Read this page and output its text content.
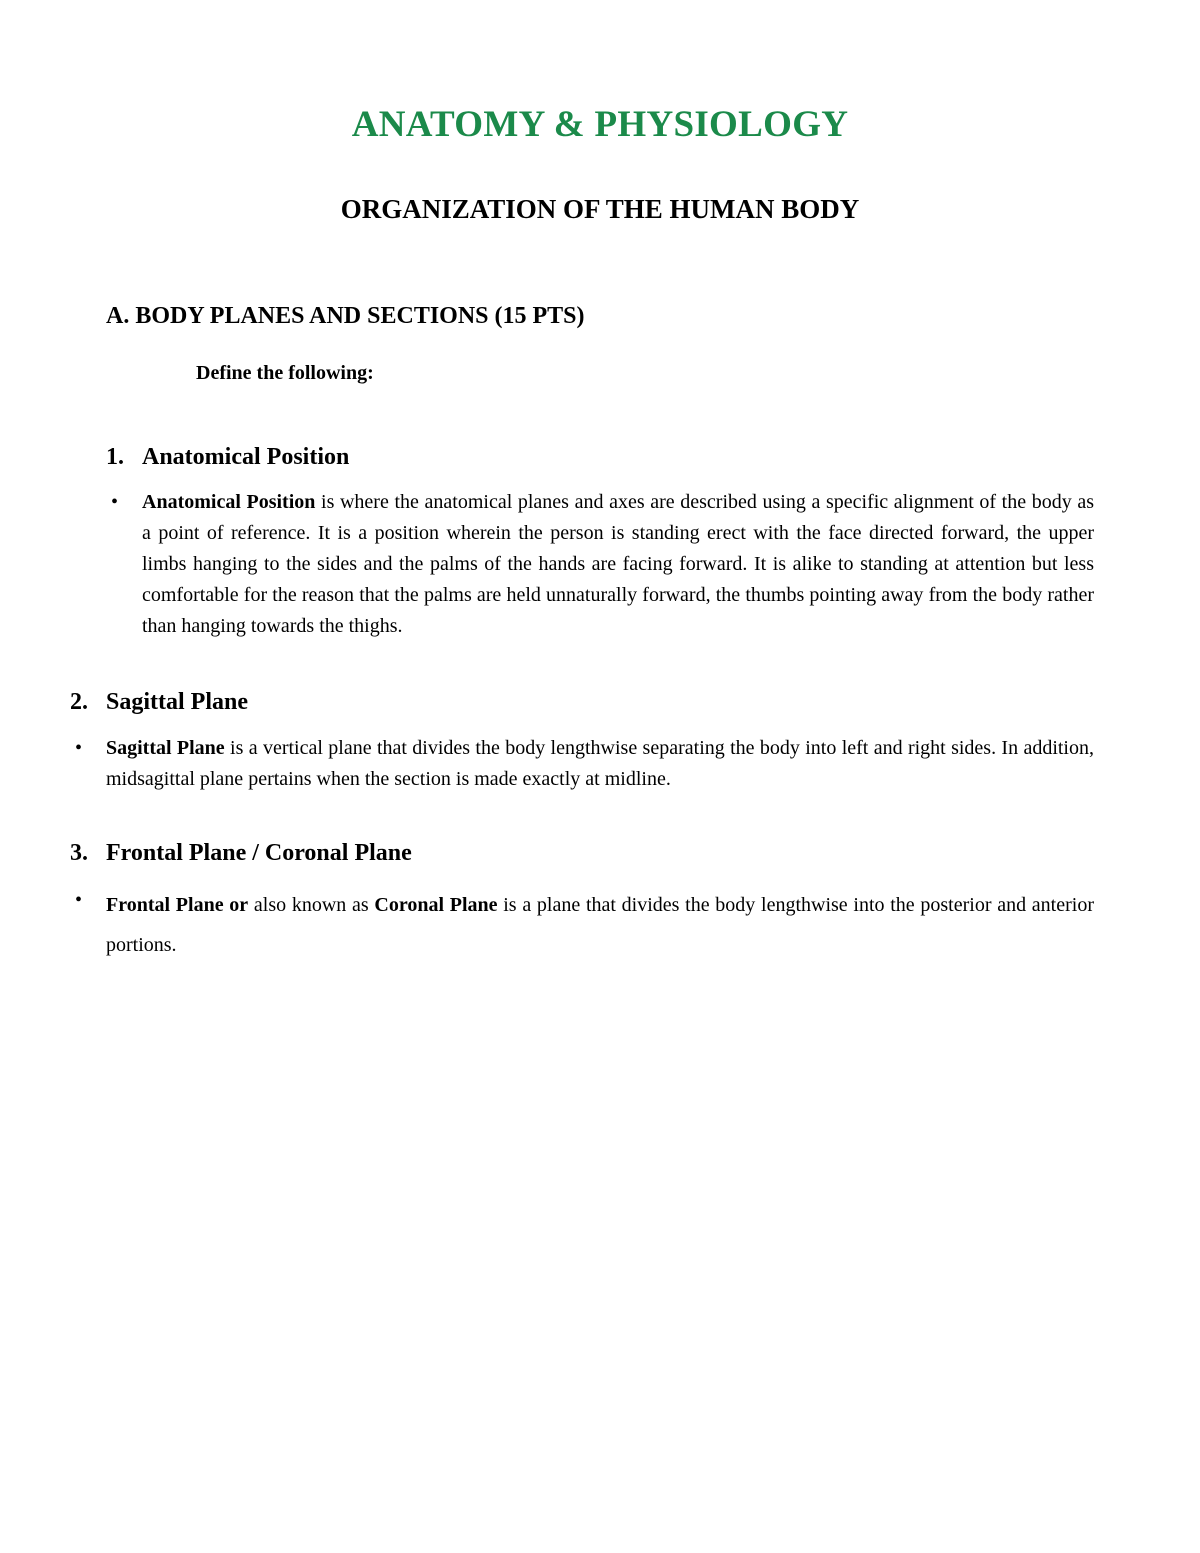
ANATOMY & PHYSIOLOGY
ORGANIZATION OF THE HUMAN BODY
A. BODY PLANES AND SECTIONS (15 PTS)

Define the following:

1. Anatomical Position
• Anatomical Position is where the anatomical planes and axes are described using a specific alignment of the body as a point of reference. It is a position wherein the person is standing erect with the face directed forward, the upper limbs hanging to the sides and the palms of the hands are facing forward. It is alike to standing at attention but less comfortable for the reason that the palms are held unnaturally forward, the thumbs pointing away from the body rather than hanging towards the thighs.

2. Sagittal Plane
• Sagittal Plane is a vertical plane that divides the body lengthwise separating the body into left and right sides. In addition, midsagittal plane pertains when the section is made exactly at midline.

3. Frontal Plane / Coronal Plane
• Frontal Plane or also known as Coronal Plane is a plane that divides the body lengthwise into the posterior and anterior portions.
